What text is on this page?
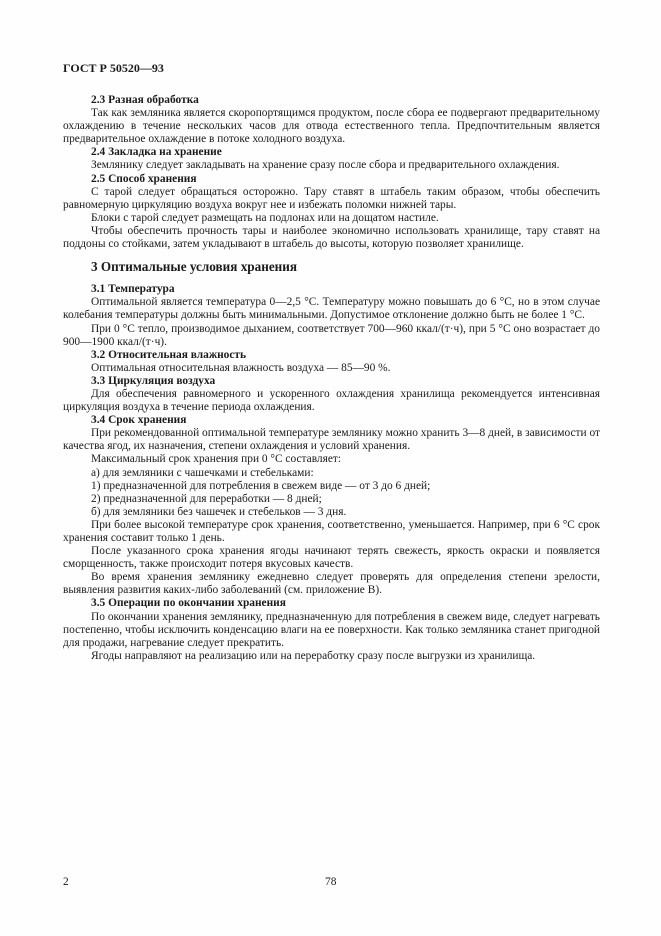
ГОСТ Р 50520—93
2.3 Разная обработка
Так как земляника является скоропортящимся продуктом, после сбора ее подвергают предварительному охлаждению в течение нескольких часов для отвода естественного тепла. Предпочтительным является предварительное охлаждение в потоке холодного воздуха.
2.4 Закладка на хранение
Землянику следует закладывать на хранение сразу после сбора и предварительного охлаждения.
2.5 Способ хранения
С тарой следует обращаться осторожно. Тару ставят в штабель таким образом, чтобы обеспечить равномерную циркуляцию воздуха вокруг нее и избежать поломки нижней тары.
Блоки с тарой следует размещать на подлонах или на дощатом настиле.
Чтобы обеспечить прочность тары и наиболее экономично использовать хранилище, тару ставят на поддоны со стойками, затем укладывают в штабель до высоты, которую позволяет хранилище.
3 Оптимальные условия хранения
3.1 Температура
Оптимальной является температура 0—2,5 °С. Температуру можно повышать до 6 °С, но в этом случае колебания температуры должны быть минимальными. Допустимое отклонение должно быть не более 1 °С.
При 0 °С тепло, производимое дыханием, соответствует 700—960 ккал/(т·ч), при 5 °С оно возрастает до 900—1900 ккал/(т·ч).
3.2 Относительная влажность
Оптимальная относительная влажность воздуха — 85—90 %.
3.3 Циркуляция воздуха
Для обеспечения равномерного и ускоренного охлаждения хранилища рекомендуется интенсивная циркуляция воздуха в течение периода охлаждения.
3.4 Срок хранения
При рекомендованной оптимальной температуре землянику можно хранить 3—8 дней, в зависимости от качества ягод, их назначения, степени охлаждения и условий хранения.
Максимальный срок хранения при 0 °С составляет:
а) для земляники с чашечками и стебельками:
1) предназначенной для потребления в свежем виде — от 3 до 6 дней;
2) предназначенной для переработки — 8 дней;
б) для земляники без чашечек и стебельков — 3 дня.
При более высокой температуре срок хранения, соответственно, уменьшается. Например, при 6 °С срок хранения составит только 1 день.
После указанного срока хранения ягоды начинают терять свежесть, яркость окраски и появляется сморщенность, также происходит потеря вкусовых качеств.
Во время хранения землянику ежедневно следует проверять для определения степени зрелости, выявления развития каких-либо заболеваний (см. приложение В).
3.5 Операции по окончании хранения
По окончании хранения землянику, предназначенную для потребления в свежем виде, следует нагревать постепенно, чтобы исключить конденсацию влаги на ее поверхности. Как только земляника станет пригодной для продажи, нагревание следует прекратить.
Ягоды направляют на реализацию или на переработку сразу после выгрузки из хранилища.
2	78
